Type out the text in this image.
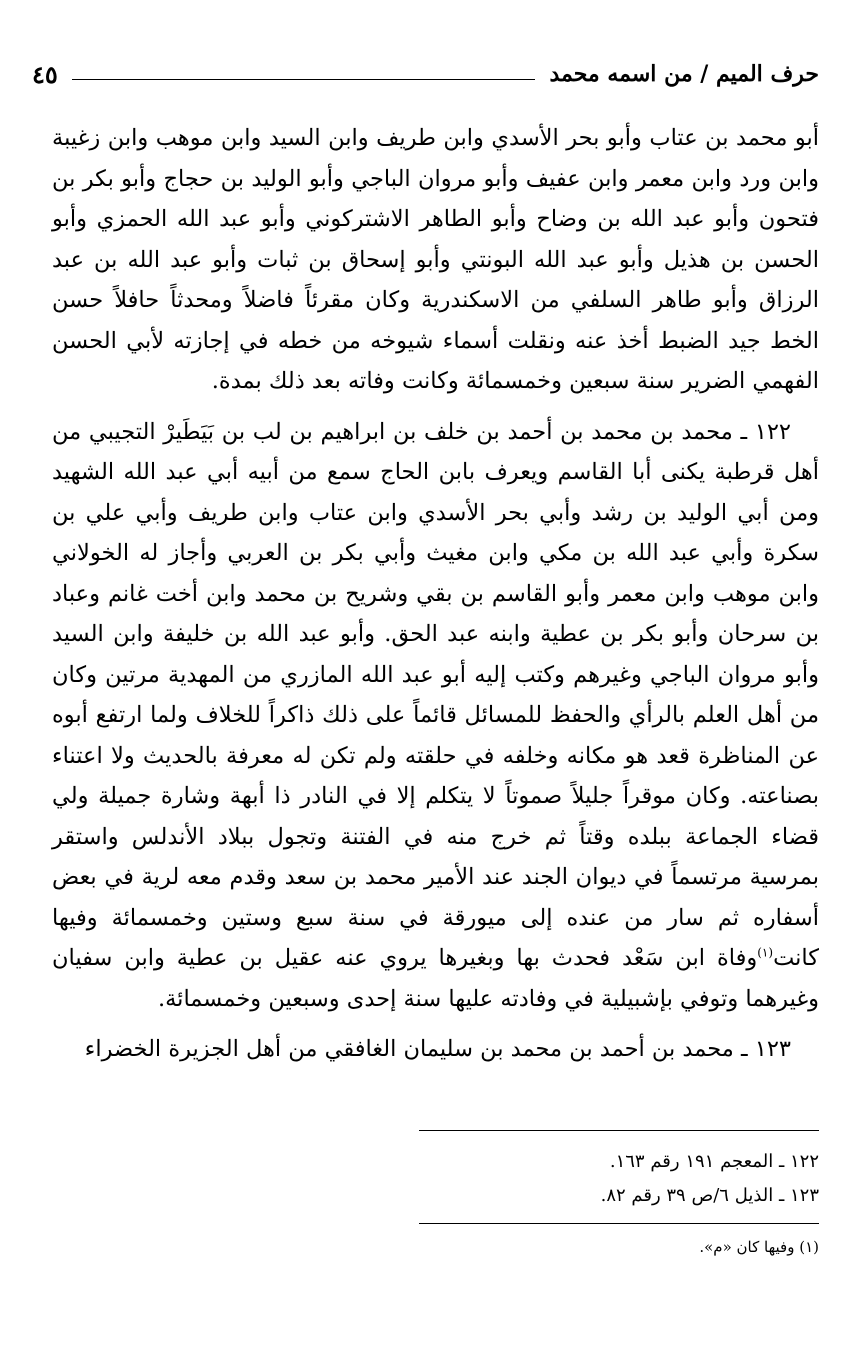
حرف الميم / من اسمه محمد
٤٥

أبو محمد بن عتاب وأبو بحر الأسدي وابن طريف وابن السيد وابن موهب وابن زغيبة وابن ورد وابن معمر وابن عفيف وأبو مروان الباجي وأبو الوليد بن حجاج وأبو بكر بن فتحون وأبو عبد الله بن وضاح وأبو الطاهر الاشتركوني وأبو عبد الله الحمزي وأبو الحسن بن هذيل وأبو عبد الله البونتي وأبو إسحاق بن ثبات وأبو عبد الله بن عبد الرزاق وأبو طاهر السلفي من الاسكندرية وكان مقرئاً فاضلاً ومحدثاً حافلاً حسن الخط جيد الضبط أخذ عنه ونقلت أسماء شيوخه من خطه في إجازته لأبي الحسن الفهمي الضرير سنة سبعين وخمسمائة وكانت وفاته بعد ذلك بمدة.

١٢٢ ـ محمد بن محمد بن أحمد بن خلف بن ابراهيم بن لب بن بَيَطَيرْ التجيبي من أهل قرطبة يكنى أبا القاسم ويعرف بابن الحاج سمع من أبيه أبي عبد الله الشهيد ومن أبي الوليد بن رشد وأبي بحر الأسدي وابن عتاب وابن طريف وأبي علي بن سكرة وأبي عبد الله بن مكي وابن مغيث وأبي بكر بن العربي وأجاز له الخولاني وابن موهب وابن معمر وأبو القاسم بن بقي وشريح بن محمد وابن أخت غانم وعباد بن سرحان وأبو بكر بن عطية وابنه عبد الحق. وأبو عبد الله بن خليفة وابن السيد وأبو مروان الباجي وغيرهم وكتب إليه أبو عبد الله المازري من المهدية مرتين وكان من أهل العلم بالرأي والحفظ للمسائل قائماً على ذلك ذاكراً للخلاف ولما ارتفع أبوه عن المناظرة قعد هو مكانه وخلفه في حلقته ولم تكن له معرفة بالحديث ولا اعتناء بصناعته. وكان موقراً جليلاً صموتاً لا يتكلم إلا في النادر ذا أبهة وشارة جميلة ولي قضاء الجماعة ببلده وقتاً ثم خرج منه في الفتنة وتجول ببلاد الأندلس واستقر بمرسية مرتسماً في ديوان الجند عند الأمير محمد بن سعد وقدم معه لرية في بعض أسفاره ثم سار من عنده إلى ميورقة في سنة سبع وستين وخمسمائة وفيها كانت$^{(١)}$وفاة ابن سَعْد فحدث بها وبغيرها يروي عنه عقيل بن عطية وابن سفيان وغيرهما وتوفي بإشبيلية في وفادته عليها سنة إحدى وسبعين وخمسمائة.

١٢٣ ـ محمد بن أحمد بن محمد بن سليمان الغافقي من أهل الجزيرة الخضراء

١٢٢ ـ المعجم ١٩١ رقم ١٦٣.
١٢٣ ـ الذيل ٦/ص ٣٩ رقم ٨٢.
(١) وفيها كان «م».
